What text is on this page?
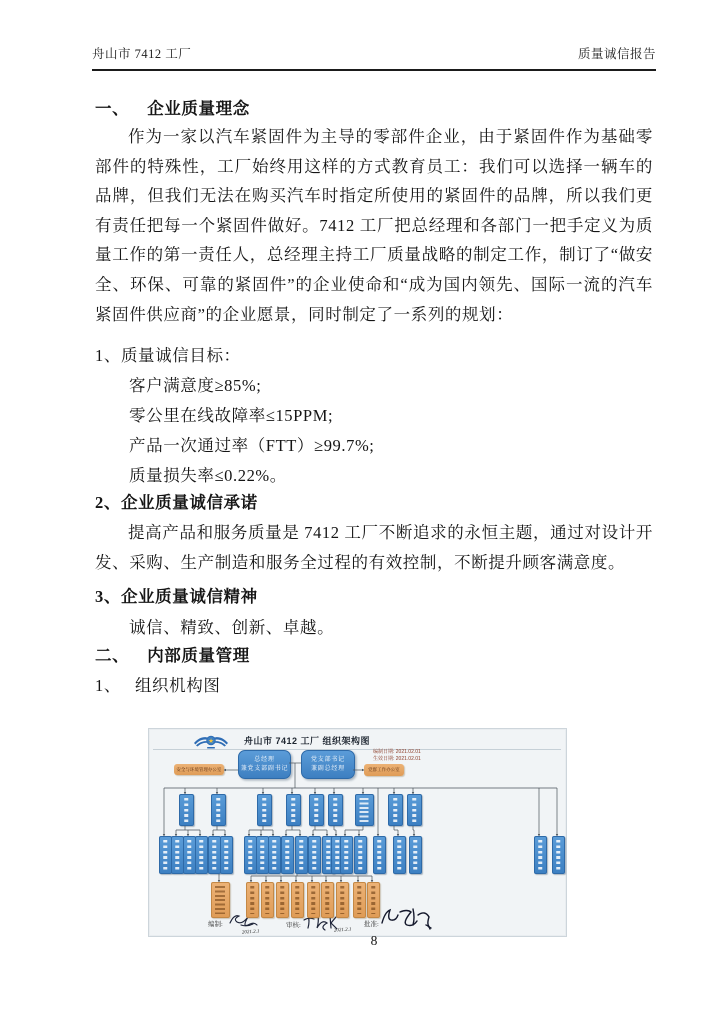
舟山市 7412 工厂	质量诚信报告
一、 企业质量理念
作为一家以汽车紧固件为主导的零部件企业，由于紧固件作为基础零部件的特殊性，工厂始终用这样的方式教育员工：我们可以选择一辆车的品牌，但我们无法在购买汽车时指定所使用的紧固件的品牌，所以我们更有责任把每一个紧固件做好。7412 工厂把总经理和各部门一把手定义为质量工作的第一责任人，总经理主持工厂质量战略的制定工作，制订了“做安全、环保、可靠的紧固件”的企业使命和“成为国内领先、国际一流的汽车紧固件供应商”的企业愿景，同时制定了一系列的规划：
1、质量诚信目标：
客户满意度≥85%;
零公里在线故障率≤15PPM;
产品一次通过率（FTT）≥99.7%;
质量损失率≤0.22%。
2、企业质量诚信承诺
提高产品和服务质量是 7412 工厂不断追求的永恒主题，通过对设计开发、采购、生产制造和服务全过程的有效控制，不断提升顾客满意度。
3、企业质量诚信精神
诚信、精致、创新、卓越。
二、 内部质量管理
1、 组织机构图
★	舟山市 7412 工厂 组织架构图
编制日期: 2021.02.01
生效日期: 2021.02.01
总经理
兼党支部副书记
党支部书记
兼副总经理
安全与环境管理办公室	党群工作办公室
编制:
2021.2.1
审核:
2021.2.1
批准:
8
